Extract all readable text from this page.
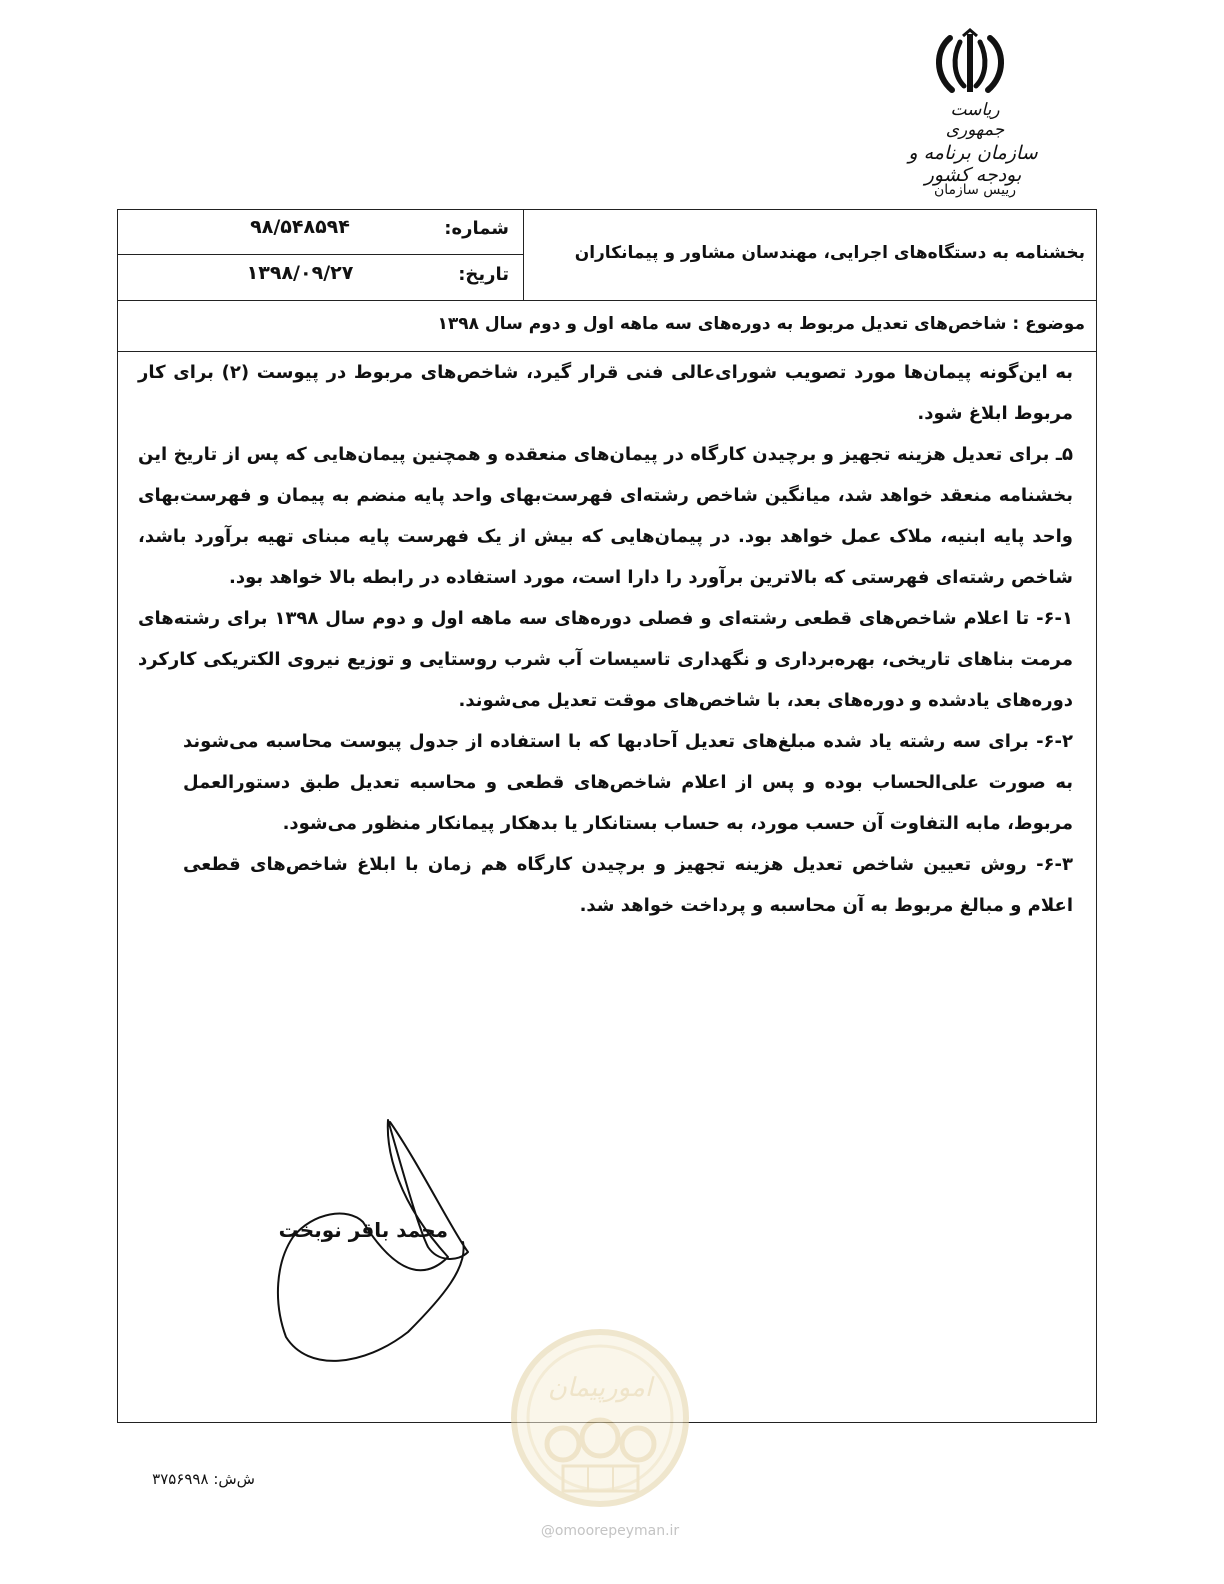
ریاست جمهوری
سازمان برنامه و بودجه کشور
رییس سازمان
شماره:
۹۸/۵۴۸۵۹۴
تاریخ:
۱۳۹۸/۰۹/۲۷
بخشنامه به دستگاه‌های اجرایی، مهندسان مشاور و پیمانکاران
موضوع : شاخص‌های تعدیل مربوط به دوره‌های سه ماهه اول و دوم سال ۱۳۹۸

به این‌گونه پیمان‌ها مورد تصویب شورای‌عالی فنی قرار گیرد، شاخص‌های مربوط در پیوست (۲) برای کار مربوط ابلاغ شود.

۵ـ برای تعدیل هزینه تجهیز و برچیدن کارگاه در پیمان‌های منعقده و همچنین پیمان‌هایی که پس از تاریخ این بخشنامه منعقد خواهد شد، میانگین شاخص رشته‌ای فهرست‌بهای واحد پایه منضم به پیمان و فهرست‌بهای واحد پایه ابنیه، ملاک عمل خواهد بود. در پیمان‌هایی که بیش از یک فهرست پایه مبنای تهیه برآورد باشد، شاخص رشته‌ای فهرستی که بالاترین برآورد را دارا است، مورد استفاده در رابطه بالا خواهد بود.

۶-۱- تا اعلام شاخص‌های قطعی رشته‌ای و فصلی دوره‌های سه ماهه اول و دوم سال ۱۳۹۸ برای رشته‌های مرمت بناهای تاریخی، بهره‌برداری و نگهداری تاسیسات آب شرب روستایی و توزیع نیروی الکتریکی کارکرد دوره‌های یادشده و دوره‌های بعد، با شاخص‌های موقت تعدیل می‌شوند.

۶-۲- برای سه رشته یاد شده مبلغ‌های تعدیل آحادبها که با استفاده از جدول پیوست محاسبه می‌شوند به صورت علی‌الحساب بوده و پس از اعلام شاخص‌های قطعی و محاسبه تعدیل طبق دستورالعمل مربوط، مابه التفاوت آن حسب مورد، به حساب بستانکار یا بدهکار پیمانکار منظور می‌شود.

۶-۳- روش تعیین شاخص تعدیل هزینه تجهیز و برچیدن کارگاه هم زمان با ابلاغ شاخص‌های قطعی اعلام و مبالغ مربوط به آن محاسبه و پرداخت خواهد شد.

محمد باقر نوبخت
امورپیمان
@omoorepeyman.ir
ش‌ش: ۳۷۵۶۹۹۸
